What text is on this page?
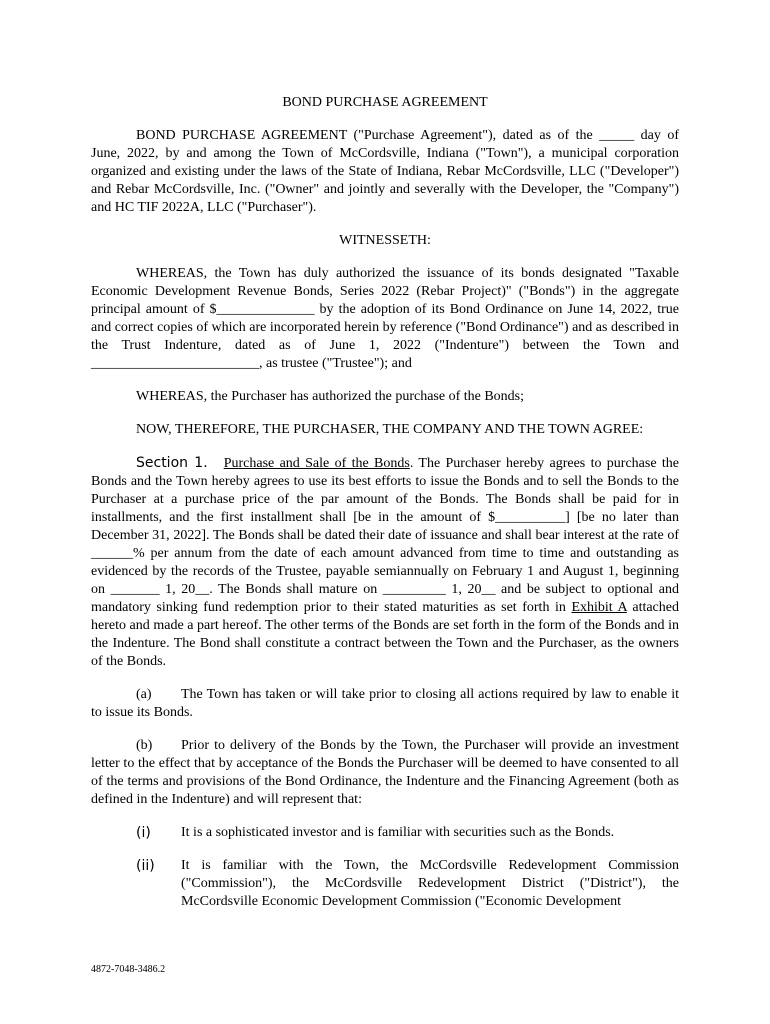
BOND PURCHASE AGREEMENT

BOND PURCHASE AGREEMENT ("Purchase Agreement"), dated as of the _____ day of June, 2022, by and among the Town of McCordsville, Indiana ("Town"), a municipal corporation organized and existing under the laws of the State of Indiana, Rebar McCordsville, LLC ("Developer") and Rebar McCordsville, Inc. ("Owner" and jointly and severally with the Developer, the "Company") and HC TIF 2022A, LLC ("Purchaser").

WITNESSETH:

WHEREAS, the Town has duly authorized the issuance of its bonds designated "Taxable Economic Development Revenue Bonds, Series 2022 (Rebar Project)" ("Bonds") in the aggregate principal amount of $______________ by the adoption of its Bond Ordinance on June 14, 2022, true and correct copies of which are incorporated herein by reference ("Bond Ordinance") and as described in the Trust Indenture, dated as of June 1, 2022 ("Indenture") between the Town and ________________________, as trustee ("Trustee"); and

WHEREAS, the Purchaser has authorized the purchase of the Bonds;

NOW, THEREFORE, THE PURCHASER, THE COMPANY AND THE TOWN AGREE:

Section 1. Purchase and Sale of the Bonds. The Purchaser hereby agrees to purchase the Bonds and the Town hereby agrees to use its best efforts to issue the Bonds and to sell the Bonds to the Purchaser at a purchase price of the par amount of the Bonds. The Bonds shall be paid for in installments, and the first installment shall [be in the amount of $__________] [be no later than December 31, 2022]. The Bonds shall be dated their date of issuance and shall bear interest at the rate of ______% per annum from the date of each amount advanced from time to time and outstanding as evidenced by the records of the Trustee, payable semiannually on February 1 and August 1, beginning on _______ 1, 20__. The Bonds shall mature on _________ 1, 20__ and be subject to optional and mandatory sinking fund redemption prior to their stated maturities as set forth in Exhibit A attached hereto and made a part hereof. The other terms of the Bonds are set forth in the form of the Bonds and in the Indenture. The Bond shall constitute a contract between the Town and the Purchaser, as the owners of the Bonds.

(a) The Town has taken or will take prior to closing all actions required by law to enable it to issue its Bonds.

(b) Prior to delivery of the Bonds by the Town, the Purchaser will provide an investment letter to the effect that by acceptance of the Bonds the Purchaser will be deemed to have consented to all of the terms and provisions of the Bond Ordinance, the Indenture and the Financing Agreement (both as defined in the Indenture) and will represent that:

(i)	It is a sophisticated investor and is familiar with securities such as the Bonds.
(ii)	It is familiar with the Town, the McCordsville Redevelopment Commission ("Commission"), the McCordsville Redevelopment District ("District"), the McCordsville Economic Development Commission ("Economic Development
4872-7048-3486.2
